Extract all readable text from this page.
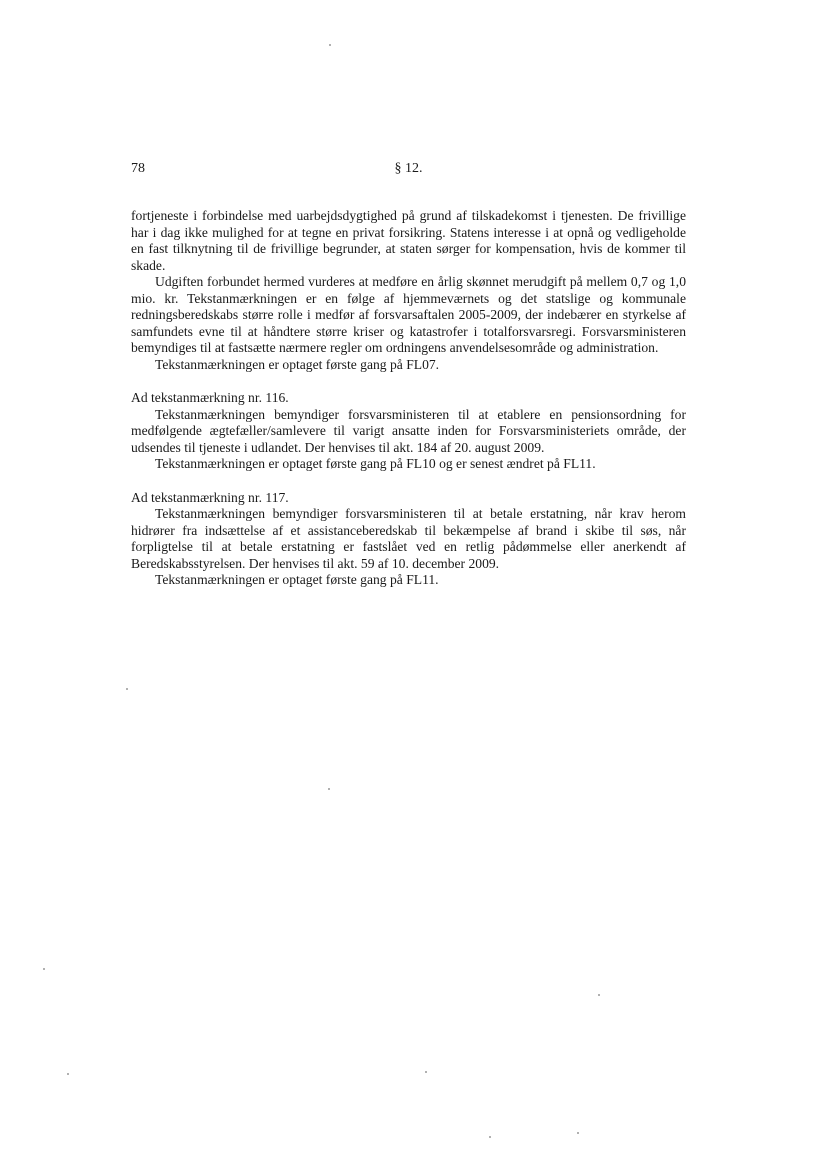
78	§ 12.

fortjeneste i forbindelse med uarbejdsdygtighed på grund af tilskadekomst i tjenesten. De frivillige har i dag ikke mulighed for at tegne en privat forsikring. Statens interesse i at opnå og vedligeholde en fast tilknytning til de frivillige begrunder, at staten sørger for kompensation, hvis de kommer til skade.

Udgiften forbundet hermed vurderes at medføre en årlig skønnet merudgift på mellem 0,7 og 1,0 mio. kr. Tekstanmærkningen er en følge af hjemmeværnets og det statslige og kommunale redningsberedskabs større rolle i medfør af forsvarsaftalen 2005-2009, der indebærer en styrkelse af samfundets evne til at håndtere større kriser og katastrofer i totalforsvarsregi. Forsvarsministeren bemyndiges til at fastsætte nærmere regler om ordningens anvendelsesområde og administration.

Tekstanmærkningen er optaget første gang på FL07.

Ad tekstanmærkning nr. 116.

Tekstanmærkningen bemyndiger forsvarsministeren til at etablere en pensionsordning for medfølgende ægtefæller/samlevere til varigt ansatte inden for Forsvarsministeriets område, der udsendes til tjeneste i udlandet. Der henvises til akt. 184 af 20. august 2009.

Tekstanmærkningen er optaget første gang på FL10 og er senest ændret på FL11.

Ad tekstanmærkning nr. 117.

Tekstanmærkningen bemyndiger forsvarsministeren til at betale erstatning, når krav herom hidrører fra indsættelse af et assistanceberedskab til bekæmpelse af brand i skibe til søs, når forpligtelse til at betale erstatning er fastslået ved en retlig pådømmelse eller anerkendt af Beredskabsstyrelsen. Der henvises til akt. 59 af 10. december 2009.

Tekstanmærkningen er optaget første gang på FL11.
